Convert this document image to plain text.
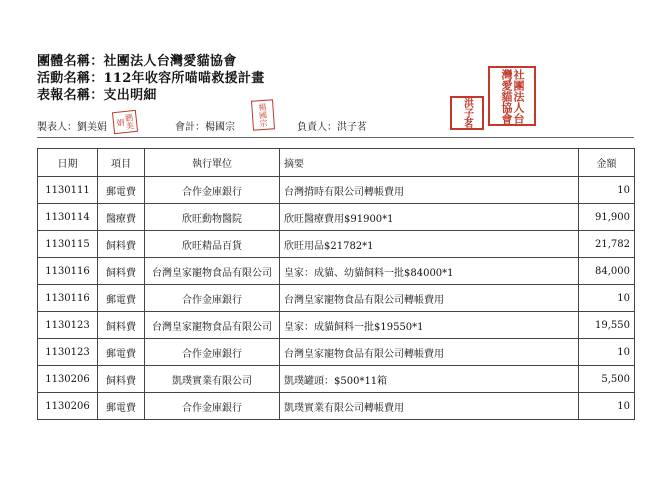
團體名稱：社團法人台灣愛貓協會
活動名稱：112年收容所喵喵救援計畫
表報名稱：支出明細
劉美娟	楊國宗	洪子茗	社團法人台灣愛貓協會
製表人：劉美娟	會計：楊國宗	負責人：洪子茗
日期	項目	執行單位	摘要	金額
1130111	郵電費	合作金庫銀行	台灣揹時有限公司轉帳費用	10
1130114	醫療費	欣旺動物醫院	欣旺醫療費用$91900*1	91,900
1130115	飼料費	欣旺精品百貨	欣旺用品$21782*1	21,782
1130116	飼料費	台灣皇家寵物食品有限公司	皇家：成貓、幼貓飼料一批$84000*1	84,000
1130116	郵電費	合作金庫銀行	台灣皇家寵物食品有限公司轉帳費用	10
1130123	飼料費	台灣皇家寵物食品有限公司	皇家：成貓飼料一批$19550*1	19,550
1130123	郵電費	合作金庫銀行	台灣皇家寵物食品有限公司轉帳費用	10
1130206	飼料費	凱璞實業有限公司	凱璞罐頭：$500*11箱	5,500
1130206	郵電費	合作金庫銀行	凱璞實業有限公司轉帳費用	10
